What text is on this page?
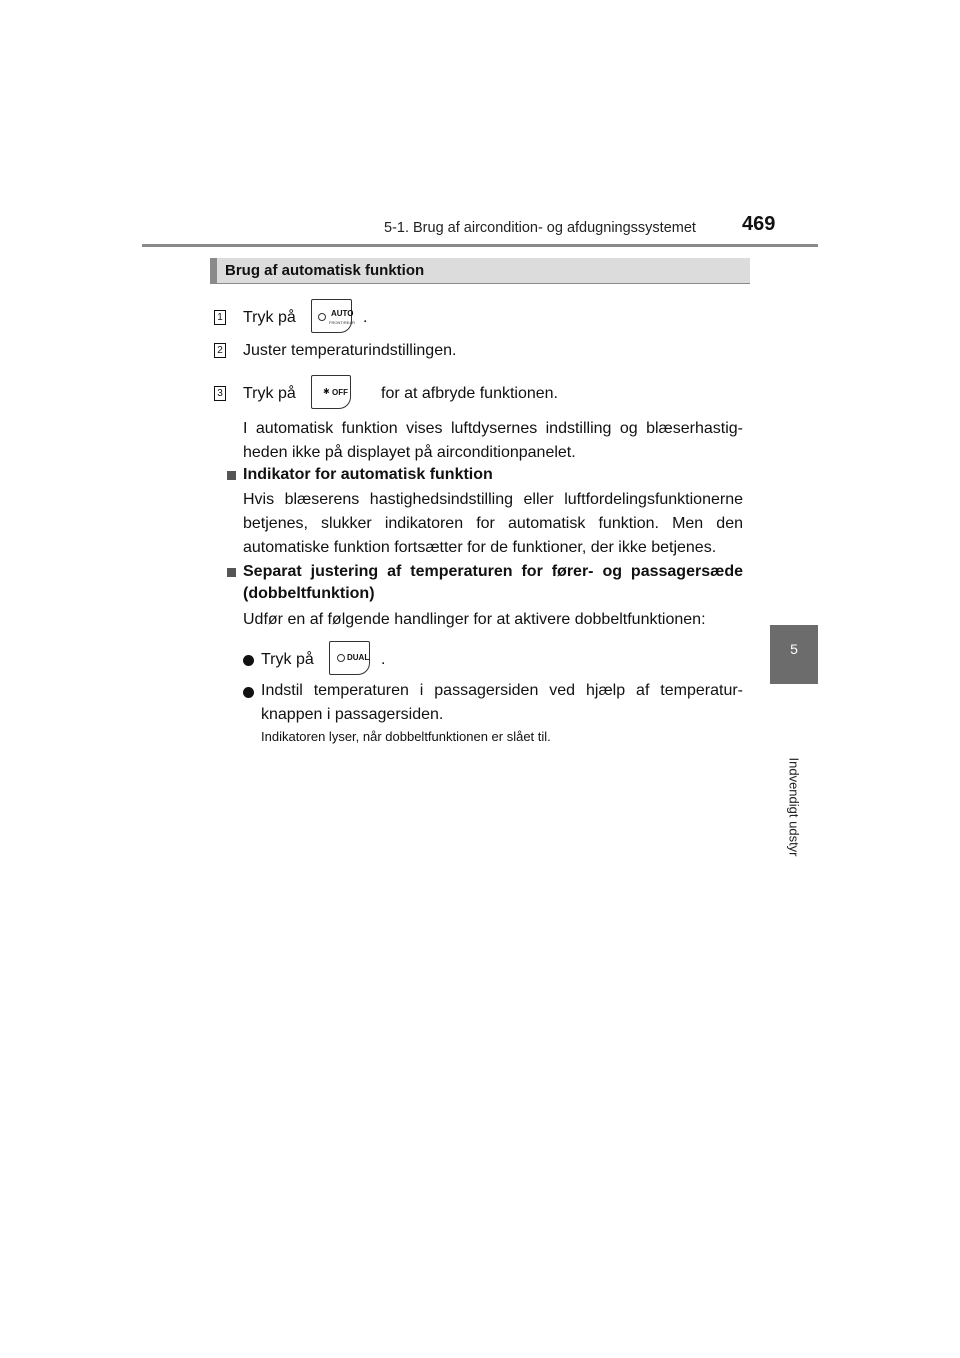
5-1. Brug af aircondition- og afdugningssystemet 469
5
Indvendigt udstyr
Brug af automatisk funktion
1 Tryk på	AUTO
FRONT/REAR .
2 Juster temperaturindstillingen.
3 Tryk på	✱ OFF for at afbryde funktionen.
I automatisk funktion vises luftdysernes indstilling og blæserhastig-heden ikke på displayet på airconditionpanelet.
Indikator for automatisk funktion
Hvis blæserens hastighedsindstilling eller luftfordelingsfunktionerne betjenes, slukker indikatoren for automatisk funktion. Men den automatiske funktion fortsætter for de funktioner, der ikke betjenes.
Separat justering af temperaturen for fører- og passagersæde
(dobbeltfunktion)
Udfør en af følgende handlinger for at aktivere dobbeltfunktionen:
Tryk på	DUAL .
Indstil temperaturen i passagersiden ved hjælp af temperatur-knappen i passagersiden.
Indikatoren lyser, når dobbeltfunktionen er slået til.
